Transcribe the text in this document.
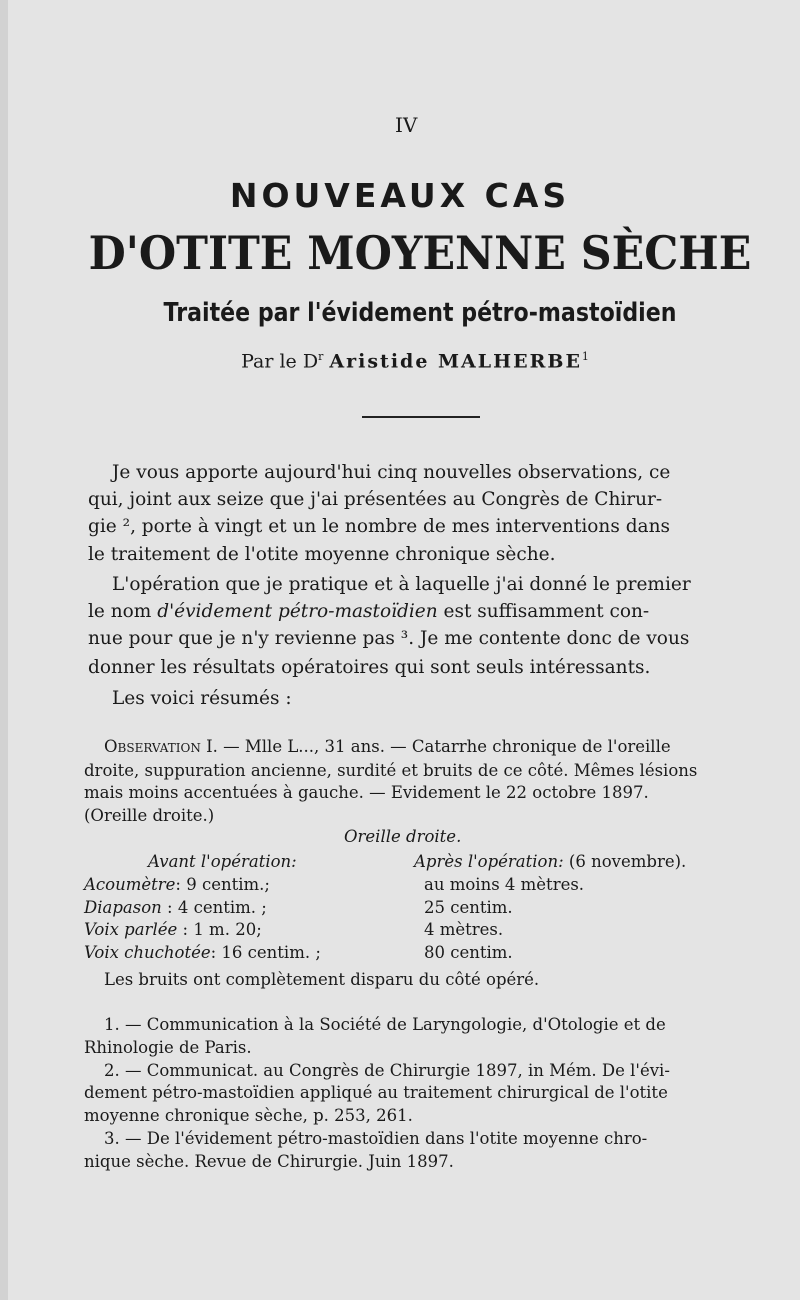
IV
NOUVEAUX CAS
D'OTITE MOYENNE SÈCHE
Traitée par l'évidement pétro-mastoïdien
Par le $D^r$ Aristide MALHERBE$^1$
Je vous apporte aujourd'hui cinq nouvelles observations, ce
qui, joint aux seize que j'ai présentées au Congrès de Chirur-
gie ²‚ porte à vingt et un le nombre de mes interventions dans
le traitement de l'otite moyenne chronique sèche.
L'opération que je pratique et à laquelle j'ai donné le premier
le nom d'évidement pétro-mastoïdien est suffisamment con-
nue pour que je n'y revienne pas ³. Je me contente donc de vous
donner les résultats opératoires qui sont seuls intéressants.
Les voici résumés :
Observation I. — Mlle L..., 31 ans. — Catarrhe chronique de l'oreille
droite, suppuration ancienne, surdité et bruits de ce côté. Mêmes lésions
mais moins accentuées à gauche. — Evidement le 22 octobre 1897.
(Oreille droite.)
Oreille droite.
Avant l'opération:	Après l'opération: (6 novembre).
Acoumètre: 9 centim.;	au moins 4 mètres.
Diapason : 4 centim. ;	25 centim.
Voix parlée : 1 m. 20;	4 mètres.
Voix chuchotée: 16 centim. ;	80 centim.
Les bruits ont complètement disparu du côté opéré.
1. — Communication à la Société de Laryngologie, d'Otologie et de
Rhinologie de Paris.
2. — Communicat. au Congrès de Chirurgie 1897, in Mém. De l'évi-
dement pétro-mastoïdien appliqué au traitement chirurgical de l'otite
moyenne chronique sèche, p. 253, 261.
3. — De l'évidement pétro-mastoïdien dans l'otite moyenne chro-
nique sèche. Revue de Chirurgie. Juin 1897.
